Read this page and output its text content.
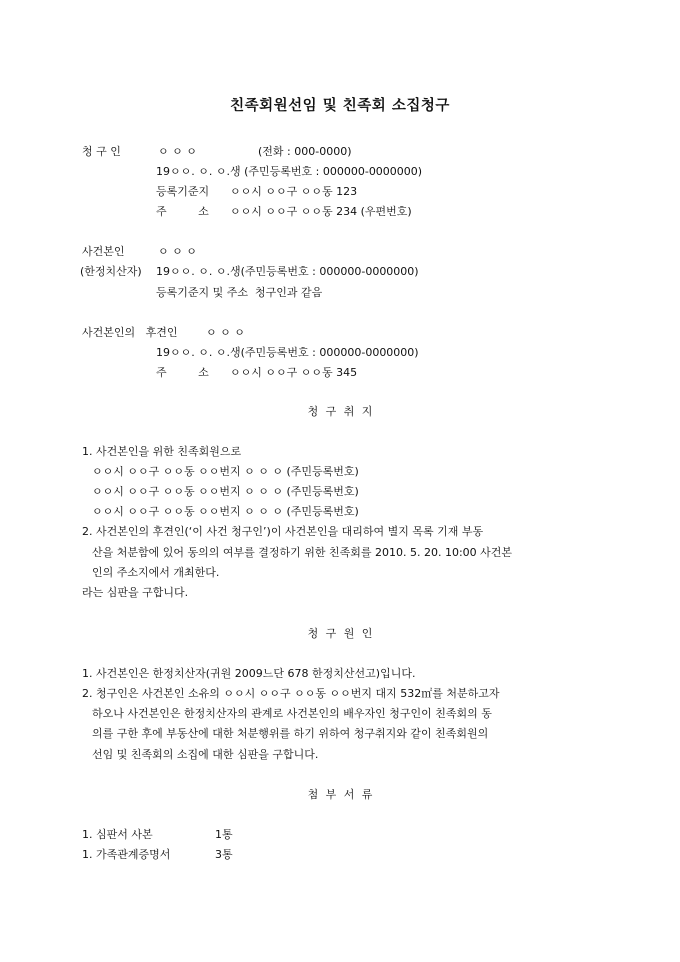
친족회원선임 및 친족회 소집청구
청 구 인	ㅇ ㅇ ㅇ	(전화 : 000-0000)
19ㅇㅇ. ㅇ. ㅇ.생 (주민등록번호 : 000000-0000000)
등록기준지 ㅇㅇ시 ㅇㅇ구 ㅇㅇ동 123
주         소 ㅇㅇ시 ㅇㅇ구 ㅇㅇ동 234 (우편번호)
사건본인	ㅇ ㅇ ㅇ
(한정치산자) 19ㅇㅇ. ㅇ. ㅇ.생(주민등록번호 : 000000-0000000)
등록기준지 및 주소  청구인과 같음
사건본인의   후견인	ㅇ ㅇ ㅇ
19ㅇㅇ. ㅇ. ㅇ.생(주민등록번호 : 000000-0000000)
주         소 ㅇㅇ시 ㅇㅇ구 ㅇㅇ동 345
청  구  취  지
1. 사건본인을 위한 친족회원으로
ㅇㅇ시 ㅇㅇ구 ㅇㅇ동 ㅇㅇ번지 ㅇ ㅇ ㅇ (주민등록번호)
ㅇㅇ시 ㅇㅇ구 ㅇㅇ동 ㅇㅇ번지 ㅇ ㅇ ㅇ (주민등록번호)
ㅇㅇ시 ㅇㅇ구 ㅇㅇ동 ㅇㅇ번지 ㅇ ㅇ ㅇ (주민등록번호)
2. 사건본인의 후견인(‘이 사건 청구인’)이 사건본인을 대리하여 별지 목록 기재 부동
산을 처분함에 있어 동의의 여부를 결정하기 위한 친족회를 2010. 5. 20. 10:00 사건본
인의 주소지에서 개최한다.
라는 심판을 구합니다.
청  구  원  인
1. 사건본인은 한정치산자(귀원 2009느단 678 한정치산선고)입니다.
2. 청구인은 사건본인 소유의 ㅇㅇ시 ㅇㅇ구 ㅇㅇ동 ㅇㅇ번지 대지 532㎡를 처분하고자
하오나 사건본인은 한정치산자의 관계로 사건본인의 배우자인 청구인이 친족회의 동
의를 구한 후에 부동산에 대한 처분행위를 하기 위하여 청구취지와 같이 친족회원의
선임 및 친족회의 소집에 대한 심판을 구합니다.
첨  부  서  류
1. 심판서 사본	1통
1. 가족관계증명서	3통
